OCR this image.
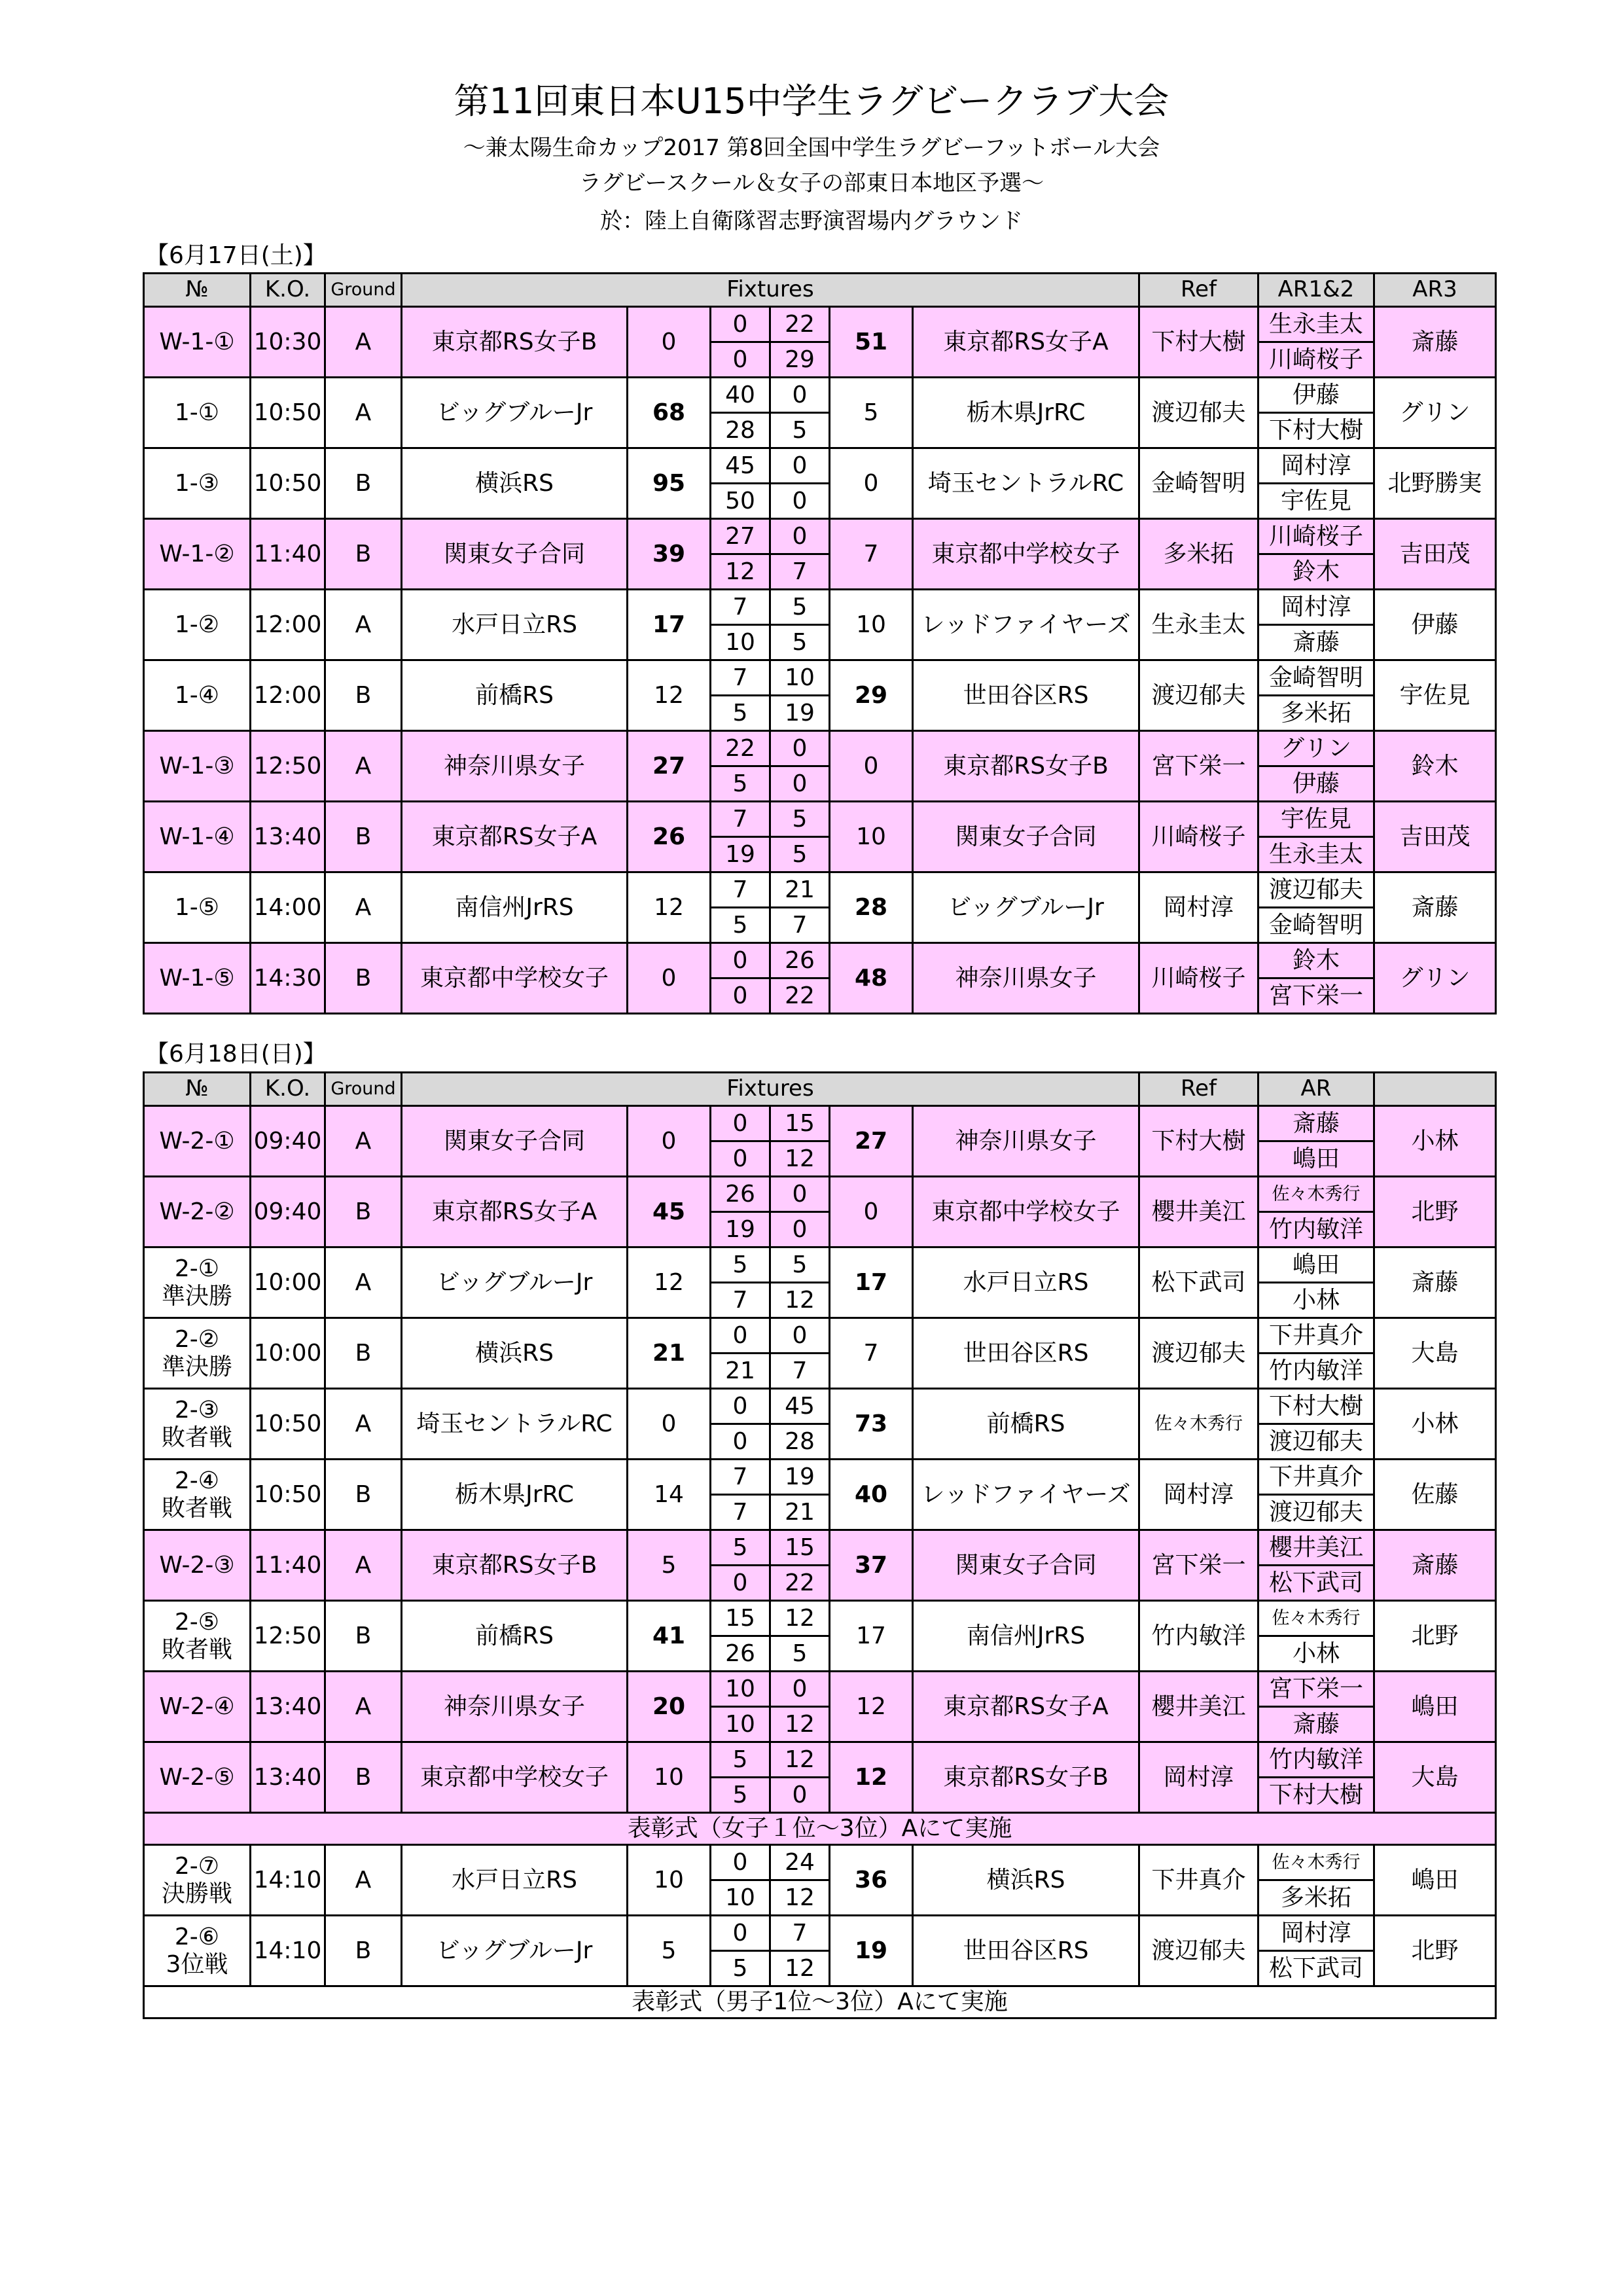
第11回東日本U15中学生ラグビークラブ大会
～兼太陽生命カップ2017 第8回全国中学生ラグビーフットボール大会
ラグビースクール＆女子の部東日本地区予選～
於：陸上自衛隊習志野演習場内グラウンド
【6月17日(土)】
№	K.O.	Ground	Fixtures						Ref	AR1&2	AR3
W-1-①	10:30	A	東京都RS女子B	0	0	22	51	東京都RS女子A	下村大樹	生永圭太	斎藤
					0	29				川崎桜子	
1-①	10:50	A	ビッグブルーJr	68	40	0	5	栃木県JrRC	渡辺郁夫	伊藤	グリン
					28	5				下村大樹	
1-③	10:50	B	横浜RS	95	45	0	0	埼玉セントラルRC	金崎智明	岡村淳	北野勝実
					50	0				宇佐見	
W-1-②	11:40	B	関東女子合同	39	27	0	7	東京都中学校女子	多米拓	川崎桜子	吉田茂
					12	7				鈴木	
1-②	12:00	A	水戸日立RS	17	7	5	10	レッドファイヤーズ	生永圭太	岡村淳	伊藤
					10	5				斎藤	
1-④	12:00	B	前橋RS	12	7	10	29	世田谷区RS	渡辺郁夫	金崎智明	宇佐見
					5	19				多米拓	
W-1-③	12:50	A	神奈川県女子	27	22	0	0	東京都RS女子B	宮下栄一	グリン	鈴木
					5	0				伊藤	
W-1-④	13:40	B	東京都RS女子A	26	7	5	10	関東女子合同	川崎桜子	宇佐見	吉田茂
					19	5				生永圭太	
1-⑤	14:00	A	南信州JrRS	12	7	21	28	ビッグブルーJr	岡村淳	渡辺郁夫	斎藤
					5	7				金崎智明	
W-1-⑤	14:30	B	東京都中学校女子	0	0	26	48	神奈川県女子	川崎桜子	鈴木	グリン
					0	22				宮下栄一	
【6月18日(日)】
№	K.O.	Ground	Fixtures						Ref	AR	
W-2-①	09:40	A	関東女子合同	0	0	15	27	神奈川県女子	下村大樹	斎藤	小林
					0	12				嶋田	
W-2-②	09:40	B	東京都RS女子A	45	26	0	0	東京都中学校女子	櫻井美江	佐々木秀行	北野
					19	0				竹内敏洋	

2-①
準決勝	10:00	A	ビッグブルーJr	12	5	5	17	水戸日立RS	松下武司	嶋田	斎藤
					7	12				小林	

2-②
準決勝	10:00	B	横浜RS	21	0	0	7	世田谷区RS	渡辺郁夫	下井真介	大島
					21	7				竹内敏洋	

2-③
敗者戦	10:50	A	埼玉セントラルRC	0	0	45	73	前橋RS	佐々木秀行	下村大樹	小林
					0	28				渡辺郁夫	

2-④
敗者戦	10:50	B	栃木県JrRC	14	7	19	40	レッドファイヤーズ	岡村淳	下井真介	佐藤
					7	21				渡辺郁夫	
W-2-③	11:40	A	東京都RS女子B	5	5	15	37	関東女子合同	宮下栄一	櫻井美江	斎藤
					0	22				松下武司	

2-⑤
敗者戦	12:50	B	前橋RS	41	15	12	17	南信州JrRS	竹内敏洋	佐々木秀行	北野
					26	5				小林	
W-2-④	13:40	A	神奈川県女子	20	10	0	12	東京都RS女子A	櫻井美江	宮下栄一	嶋田
					10	12				斎藤	
W-2-⑤	13:40	B	東京都中学校女子	10	5	12	12	東京都RS女子B	岡村淳	竹内敏洋	大島
					5	0				下村大樹	
表彰式（女子１位～3位）Aにて実施											

2-⑦
決勝戦	14:10	A	水戸日立RS	10	0	24	36	横浜RS	下井真介	佐々木秀行	嶋田
					10	12				多米拓	

2-⑥
3位戦	14:10	B	ビッグブルーJr	5	0	7	19	世田谷区RS	渡辺郁夫	岡村淳	北野
					5	12				松下武司	
表彰式（男子1位～3位）Aにて実施											
